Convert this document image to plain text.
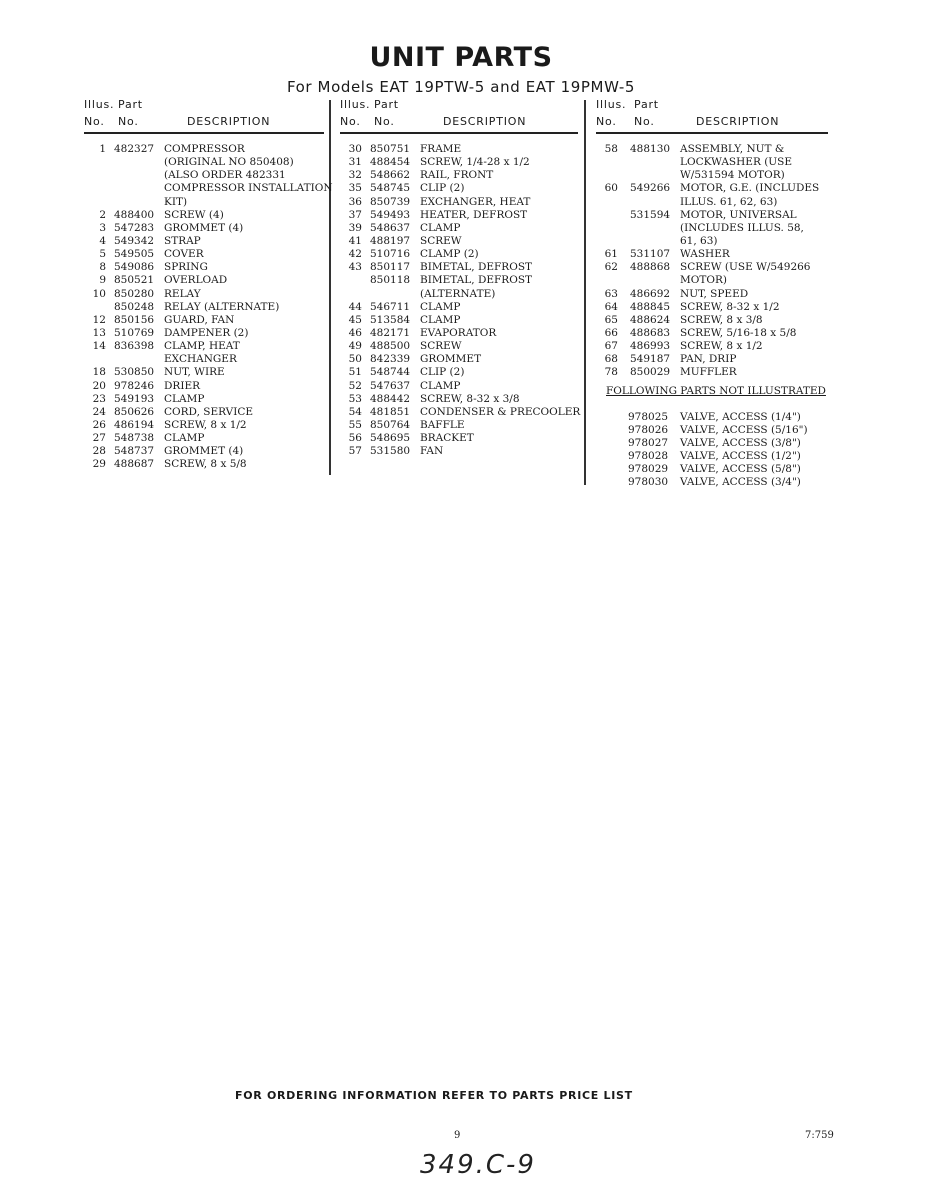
UNIT PARTS
For Models EAT 19PTW-5 and EAT 19PMW-5
Illus. Part
No. No.	DESCRIPTION
1 482327 COMPRESSOR
(ORIGINAL NO 850408)
(ALSO ORDER 482331
COMPRESSOR INSTALLATION
KIT)
2 488400 SCREW (4)
3 547283 GROMMET (4)
4 549342 STRAP
5 549505 COVER
8 549086 SPRING
9 850521 OVERLOAD
10 850280 RELAY
850248 RELAY (ALTERNATE)
12 850156 GUARD, FAN
13 510769 DAMPENER (2)
14 836398 CLAMP, HEAT
EXCHANGER
18 530850 NUT, WIRE
20 978246 DRIER
23 549193 CLAMP
24 850626 CORD, SERVICE
26 486194 SCREW, 8 x 1/2
27 548738 CLAMP
28 548737 GROMMET (4)
29 488687 SCREW, 8 x 5/8
Illus. Part
No. No.	DESCRIPTION
30 850751 FRAME
31 488454 SCREW, 1/4-28 x 1/2
32 548662 RAIL, FRONT
35 548745 CLIP (2)
36 850739 EXCHANGER, HEAT
37 549493 HEATER, DEFROST
39 548637 CLAMP
41 488197 SCREW
42 510716 CLAMP (2)
43 850117 BIMETAL, DEFROST
850118 BIMETAL, DEFROST
(ALTERNATE)
44 546711 CLAMP
45 513584 CLAMP
46 482171 EVAPORATOR
49 488500 SCREW
50 842339 GROMMET
51 548744 CLIP (2)
52 547637 CLAMP
53 488442 SCREW, 8-32 x 3/8
54 481851 CONDENSER & PRECOOLER
55 850764 BAFFLE
56 548695 BRACKET
57 531580 FAN
Illus. Part
No. No.	DESCRIPTION
58 488130 ASSEMBLY, NUT &
LOCKWASHER (USE
W/531594 MOTOR)
60 549266 MOTOR, G.E. (INCLUDES
ILLUS. 61, 62, 63)
531594 MOTOR, UNIVERSAL
(INCLUDES ILLUS. 58,
61, 63)
61 531107 WASHER
62 488868 SCREW (USE W/549266
MOTOR)
63 486692 NUT, SPEED
64 488845 SCREW, 8-32 x 1/2
65 488624 SCREW, 8 x 3/8
66 488683 SCREW, 5/16-18 x 5/8
67 486993 SCREW, 8 x 1/2
68 549187 PAN, DRIP
78 850029 MUFFLER
FOLLOWING PARTS NOT ILLUSTRATED
978025 VALVE, ACCESS (1/4")
978026 VALVE, ACCESS (5/16")
978027 VALVE, ACCESS (3/8")
978028 VALVE, ACCESS (1/2")
978029 VALVE, ACCESS (5/8")
978030 VALVE, ACCESS (3/4")
FOR ORDERING INFORMATION REFER TO PARTS PRICE LIST
9	7:759
349.C-9
